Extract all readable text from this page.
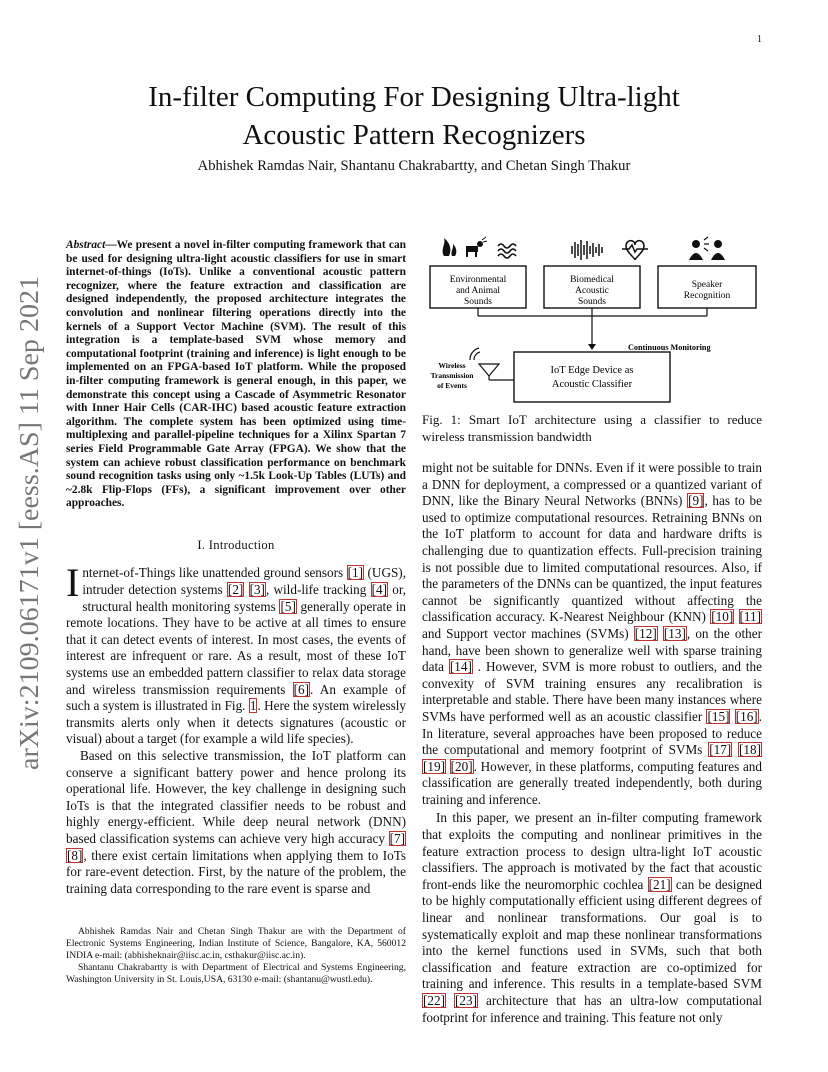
1
arXiv:2109.06171v1 [eess.AS] 11 Sep 2021
In-filter Computing For Designing Ultra-light
Acoustic Pattern Recognizers
Abhishek Ramdas Nair, Shantanu Chakrabartty, and Chetan Singh Thakur

Abstract—We present a novel in-filter computing framework that can be used for designing ultra-light acoustic classifiers for use in smart internet-of-things (IoTs). Unlike a conventional acoustic pattern recognizer, where the feature extraction and classification are designed independently, the proposed architecture integrates the convolution and nonlinear filtering operations directly into the kernels of a Support Vector Machine (SVM). The result of this integration is a template-based SVM whose memory and computational footprint (training and inference) is light enough to be implemented on an FPGA-based IoT platform. While the proposed in-filter computing framework is general enough, in this paper, we demonstrate this concept using a Cascade of Asymmetric Resonator with Inner Hair Cells (CAR-IHC) based acoustic feature extraction algorithm. The complete system has been optimized using time-multiplexing and parallel-pipeline techniques for a Xilinx Spartan 7 series Field Programmable Gate Array (FPGA). We show that the system can achieve robust classification performance on benchmark sound recognition tasks using only ~1.5k Look-Up Tables (LUTs) and ~2.8k Flip-Flops (FFs), a significant improvement over other approaches.

I. Introduction

Internet-of-Things like unattended ground sensors [1] (UGS), intruder detection systems [2] [3], wild-life tracking [4] or, structural health monitoring systems [5] generally operate in remote locations. They have to be active at all times to ensure that it can detect events of interest. In most cases, the events of interest are infrequent or rare. As a result, most of these IoT systems use an embedded pattern classifier to relax data storage and wireless transmission requirements [6]. An example of such a system is illustrated in Fig. 1. Here the system wirelessly transmits alerts only when it detects signatures (acoustic or visual) about a target (for example a wild life species).

Based on this selective transmission, the IoT platform can conserve a significant battery power and hence prolong its operational life. However, the key challenge in designing such IoTs is that the integrated classifier needs to be robust and highly energy-efficient. While deep neural network (DNN) based classification systems can achieve very high accuracy [7] [8], there exist certain limitations when applying them to IoTs for rare-event detection. First, by the nature of the problem, the training data corresponding to the rare event is sparse and

Abhishek Ramdas Nair and Chetan Singh Thakur are with the Department of Electronic Systems Engineering, Indian Institute of Science, Bangalore, KA, 560012 INDIA e-mail: (abhisheknair@iisc.ac.in, csthakur@iisc.ac.in).

Shantanu Chakrabartty is with Department of Electrical and Systems Engineering, Washington University in St. Louis,USA, 63130 e-mail: (shantanu@wustl.edu).

Environmental
and Animal
Sounds
Biomedical
Acoustic
Sounds
Speaker
Recognition
Continuous Monitoring
IoT Edge Device as
Acoustic Classifier
Wireless
Transmission
of Events
Fig. 1: Smart IoT architecture using a classifier to reduce wireless transmission bandwidth

might not be suitable for DNNs. Even if it were possible to train a DNN for deployment, a compressed or a quantized variant of DNN, like the Binary Neural Networks (BNNs) [9], has to be used to optimize computational resources. Retraining BNNs on the IoT platform to account for data and hardware drifts is challenging due to quantization effects. Full-precision training is not possible due to limited computational resources. Also, if the parameters of the DNNs can be quantized, the input features cannot be significantly quantized without affecting the classification accuracy. K-Nearest Neighbour (KNN) [10] [11] and Support vector machines (SVMs) [12] [13], on the other hand, have been shown to generalize well with sparse training data [14] . However, SVM is more robust to outliers, and the convexity of SVM training ensures any recalibration is interpretable and stable. There have been many instances where SVMs have performed well as an acoustic classifier [15] [16]. In literature, several approaches have been proposed to reduce the computational and memory footprint of SVMs [17] [18] [19] [20]. However, in these platforms, computing features and classification are generally treated independently, both during training and inference.

In this paper, we present an in-filter computing framework that exploits the computing and nonlinear primitives in the feature extraction process to design ultra-light IoT acoustic classifiers. The approach is motivated by the fact that acoustic front-ends like the neuromorphic cochlea [21] can be designed to be highly computationally efficient using different degrees of linear and nonlinear transformations. Our goal is to systematically exploit and map these nonlinear transformations into the kernel functions used in SVMs, such that both classification and feature extraction are co-optimized for training and inference. This results in a template-based SVM [22] [23] architecture that has an ultra-low computational footprint for inference and training. This feature not only
